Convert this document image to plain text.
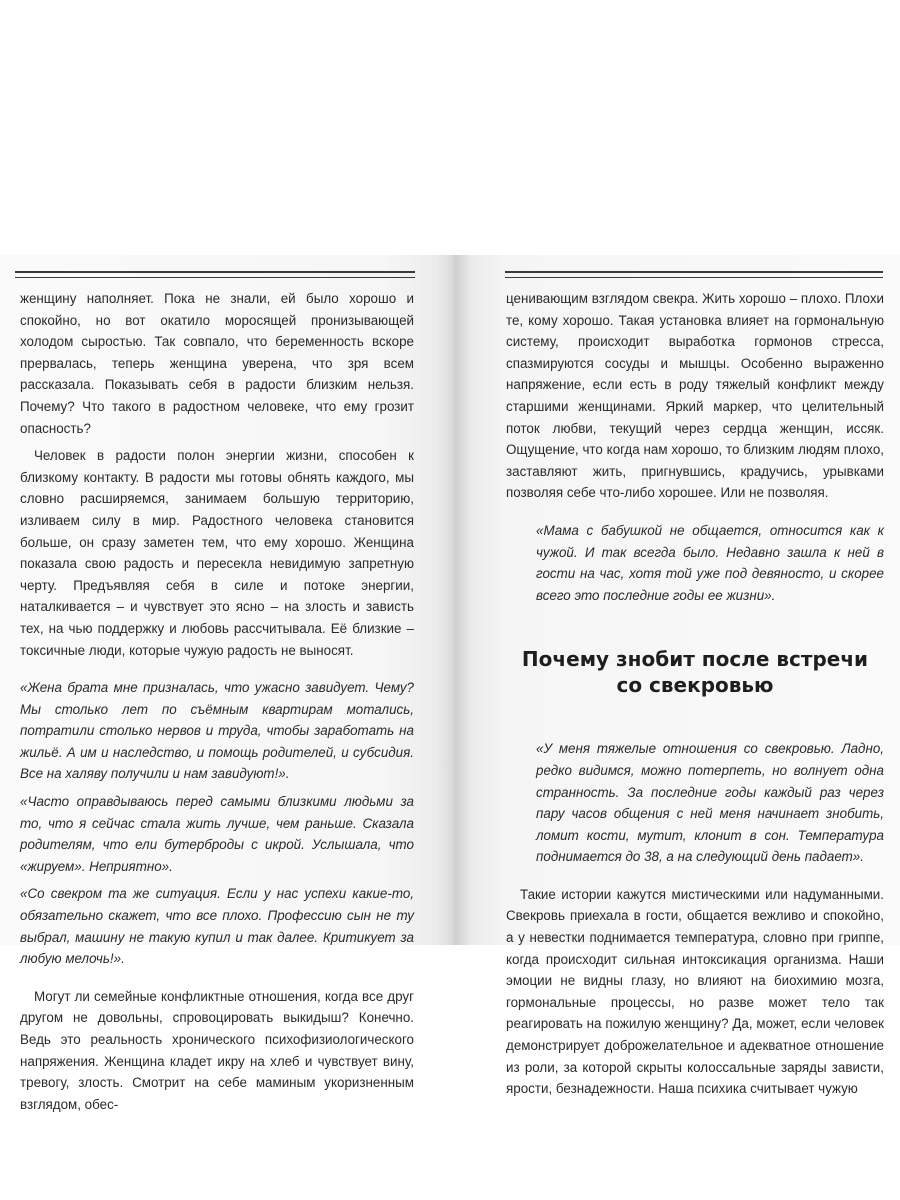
женщину наполняет. Пока не знали, ей было хорошо и спокойно, но вот окатило моросящей пронизывающей холодом сыростью. Так совпало, что беременность вскоре прервалась, теперь женщина уверена, что зря всем рассказала. Показывать себя в радости близким нельзя. Почему? Что такого в радостном человеке, что ему грозит опасность?

Человек в радости полон энергии жизни, способен к близкому контакту. В радости мы готовы обнять каждого, мы словно расширяемся, занимаем большую территорию, изливаем силу в мир. Радостного человека становится больше, он сразу заметен тем, что ему хорошо. Женщина показала свою радость и пересекла невидимую запретную черту. Предъявляя себя в силе и потоке энергии, наталкивается – и чувствует это ясно – на злость и зависть тех, на чью поддержку и любовь рассчитывала. Её близкие – токсичные люди, которые чужую радость не выносят.

«Жена брата мне призналась, что ужасно завидует. Чему? Мы столько лет по съёмным квартирам мотались, потратили столько нервов и труда, чтобы заработать на жильё. А им и наследство, и помощь родителей, и субсидия. Все на халяву получили и нам завидуют!».

«Часто оправдываюсь перед самыми близкими людьми за то, что я сейчас стала жить лучше, чем раньше. Сказала родителям, что ели бутерброды с икрой. Услышала, что «жируем». Неприятно».

«Со свекром та же ситуация. Если у нас успехи какие-то, обязательно скажет, что все плохо. Профессию сын не ту выбрал, машину не такую купил и так далее. Критикует за любую мелочь!».

Могут ли семейные конфликтные отношения, когда все друг другом не довольны, спровоцировать выкидыш? Конечно. Ведь это реальность хронического психофизиологического напряжения. Женщина кладет икру на хлеб и чувствует вину, тревогу, злость. Смотрит на себе маминым укоризненным взглядом, обес-

ценивающим взглядом свекра. Жить хорошо – плохо. Плохи те, кому хорошо. Такая установка влияет на гормональную систему, происходит выработка гормонов стресса, спазмируются сосуды и мышцы. Особенно выраженно напряжение, если есть в роду тяжелый конфликт между старшими женщинами. Яркий маркер, что целительный поток любви, текущий через сердца женщин, иссяк. Ощущение, что когда нам хорошо, то близким людям плохо, заставляют жить, пригнувшись, крадучись, урывками позволяя себе что-либо хорошее. Или не позволяя.

«Мама с бабушкой не общается, относится как к чужой. И так всегда было. Недавно зашла к ней в гости на час, хотя той уже под девяносто, и скорее всего это последние годы ее жизни».

Почему знобит после встречи со свекровью

«У меня тяжелые отношения со свекровью. Ладно, редко видимся, можно потерпеть, но волнует одна странность. За последние годы каждый раз через пару часов общения с ней меня начинает знобить, ломит кости, мутит, клонит в сон. Температура поднимается до 38, а на следующий день падает».

Такие истории кажутся мистическими или надуманными. Свекровь приехала в гости, общается вежливо и спокойно, а у невестки поднимается температура, словно при гриппе, когда происходит сильная интоксикация организма. Наши эмоции не видны глазу, но влияют на биохимию мозга, гормональные процессы, но разве может тело так реагировать на пожилую женщину? Да, может, если человек демонстрирует доброжелательное и адекватное отношение из роли, за которой скрыты колоссальные заряды зависти, ярости, безнадежности. Наша психика считывает чужую
